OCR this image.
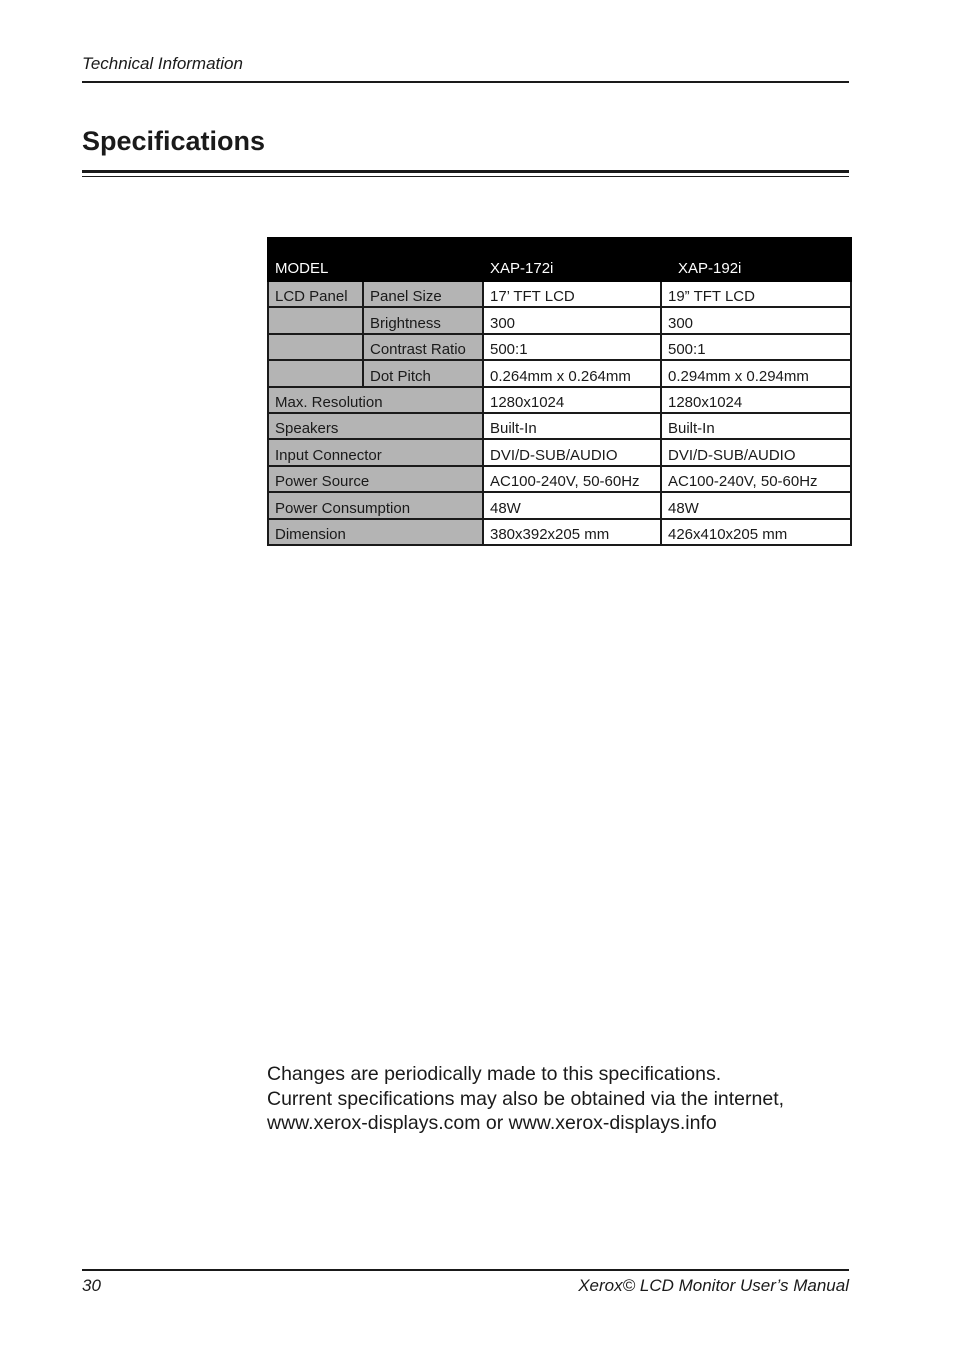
Technical Information
Specifications
MODEL		XAP-172i	XAP-192i
LCD Panel	Panel Size	17’ TFT LCD	19” TFT LCD
	Brightness	300	300
	Contrast Ratio	500:1	500:1
	Dot Pitch	0.264mm x 0.264mm	0.294mm x 0.294mm
Max. Resolution		1280x1024	1280x1024
Speakers		Built-In	Built-In
Input Connector		DVI/D-SUB/AUDIO	DVI/D-SUB/AUDIO
Power Source		AC100-240V, 50-60Hz	AC100-240V, 50-60Hz
Power Consumption		48W	48W
Dimension		380x392x205 mm	426x410x205 mm

Changes are periodically made to this specifications.

Current specifications may also be obtained via the internet,

www.xerox-displays.com or www.xerox-displays.info

30	Xerox© LCD Monitor User’s Manual
